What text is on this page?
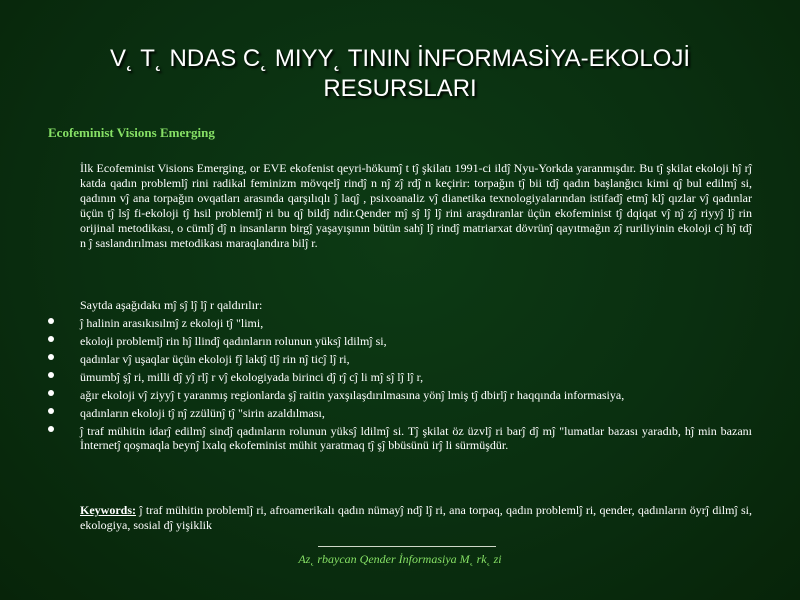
V˛ T˛ NDAS C˛ MIYY˛ TININ İNFORMASİYA-EKOLOJİ
RESURSLARI
Ecofeminist Visions Emerging
İlk Ecofeminist Visions Emerging, or EVE ekofenist qeyri-hökumĵ t tĵ şkilatı 1991-ci ildĵ Nyu-Yorkda yaranmışdır. Bu tĵ şkilat ekoloji hĵ rĵ katda qadın problemlĵ rini radikal feminizm mövqelĵ rindĵ n nĵ zĵ rdĵ n keçirir: torpağın tĵ bii tdĵ qadın başlanğıcı kimi qĵ bul edilmĵ si, qadının vĵ ana torpağın ovqatları arasında qarşılıqlı ĵ laqĵ , psixoanaliz vĵ dianetika texnologiyalarından istifadĵ etmĵ klĵ qızlar vĵ qadınlar üçün tĵ lsĵ fi-ekoloji tĵ hsil problemlĵ ri bu qĵ bildĵ ndir.Qender mĵ sĵ lĵ lĵ rini araşdıranlar üçün ekofeminist tĵ dqiqat vĵ nĵ zĵ riyyĵ lĵ rin orijinal metodikası, o cümlĵ dĵ n insanların birgĵ yaşayışının bütün sahĵ lĵ rindĵ matriarxat dövrünĵ qayıtmağın zĵ ruriliyinin ekoloji cĵ hĵ tdĵ n ĵ saslandırılması metodikası maraqlandıra bilĵ r.
Saytda aşağıdakı mĵ sĵ lĵ lĵ r qaldırılır:
ĵ halinin arasıkısılmĵ z ekoloji tĵ "limi,
ekoloji problemlĵ rin hĵ llindĵ qadınların rolunun yüksĵ ldilmĵ si,
qadınlar vĵ uşaqlar üçün ekoloji fĵ laktĵ tlĵ rin nĵ ticĵ lĵ ri,
ümumbĵ şĵ ri, milli dĵ yĵ rlĵ r vĵ ekologiyada birinci dĵ rĵ cĵ li mĵ sĵ lĵ lĵ r,
ağır ekoloji vĵ ziyyĵ t yaranmış regionlarda şĵ raitin yaxşılaşdırılmasına yönĵ lmiş tĵ dbirlĵ r haqqında informasiya,
qadınların ekoloji tĵ nĵ zzülünĵ tĵ "sirin azaldılması,
ĵ traf mühitin idarĵ edilmĵ sindĵ qadınların rolunun yüksĵ ldilmĵ si. Tĵ şkilat öz üzvlĵ ri barĵ dĵ mĵ "lumatlar bazası yaradıb, hĵ min bazanı İnternetĵ qoşmaqla beynĵ lxalq ekofeminist mühit yaratmaq tĵ şĵ bbüsünü irĵ li sürmüşdür.
Keywords: ĵ traf mühitin problemlĵ ri, afroamerikalı qadın nümayĵ ndĵ lĵ ri, ana torpaq, qadın problemlĵ ri, qender, qadınların öyrĵ dilmĵ si, ekologiya, sosial dĵ yişiklik
Az˛ rbaycan Qender İnformasiya M˛ rk˛ zi
